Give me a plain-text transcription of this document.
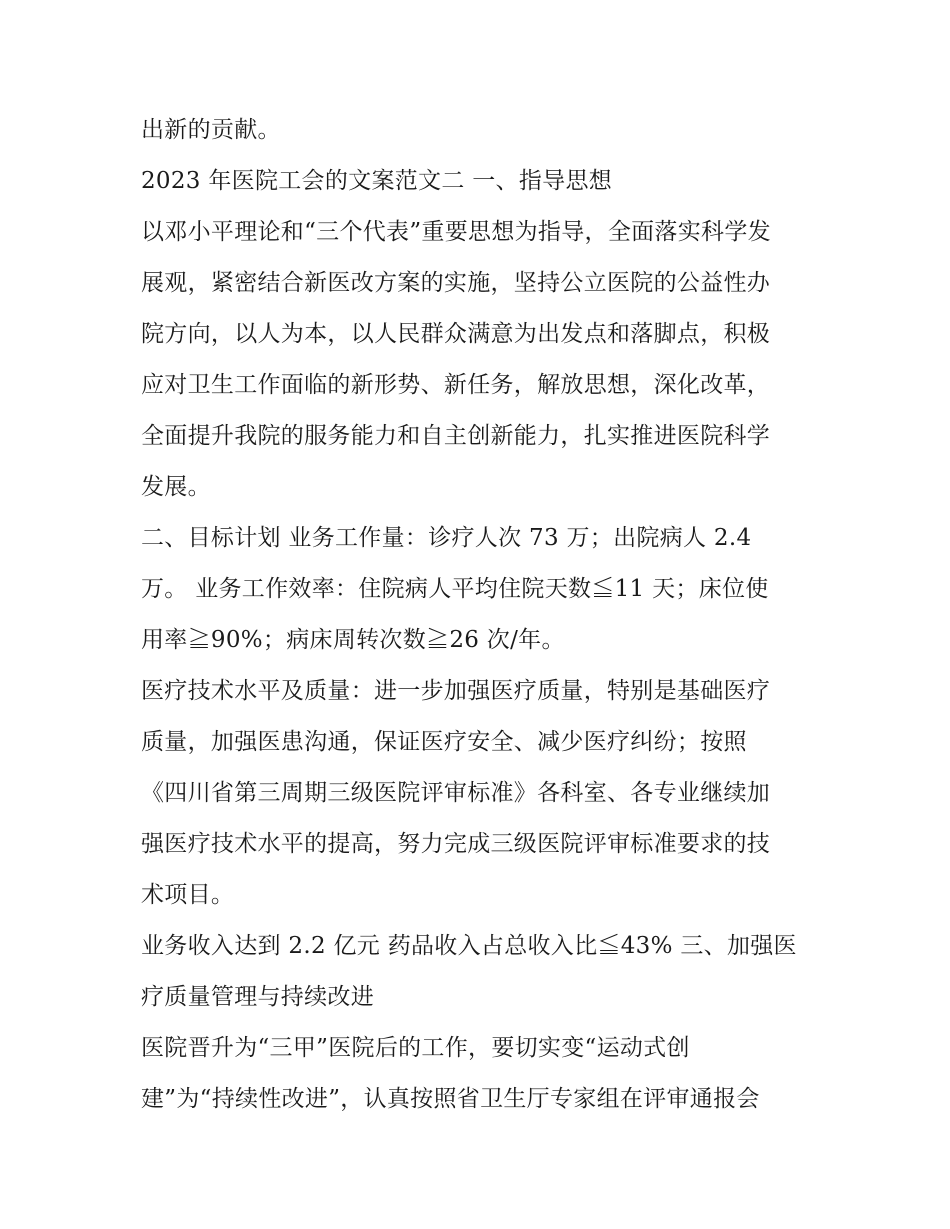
出新的贡献。
2023 年医院工会的文案范文二 一、指导思想
以邓小平理论和“三个代表”重要思想为指导，全面落实科学发
展观，紧密结合新医改方案的实施，坚持公立医院的公益性办
院方向，以人为本，以人民群众满意为出发点和落脚点，积极
应对卫生工作面临的新形势、新任务，解放思想，深化改革，
全面提升我院的服务能力和自主创新能力，扎实推进医院科学
发展。
二、目标计划 业务工作量：诊疗人次 73 万；出院病人 2.4
万。 业务工作效率：住院病人平均住院天数≦11 天；床位使
用率≧90%；病床周转次数≧26 次/年。
医疗技术水平及质量：进一步加强医疗质量，特别是基础医疗
质量，加强医患沟通，保证医疗安全、减少医疗纠纷；按照
《四川省第三周期三级医院评审标准》各科室、各专业继续加
强医疗技术水平的提高，努力完成三级医院评审标准要求的技
术项目。
业务收入达到 2.2 亿元 药品收入占总收入比≦43% 三、加强医
疗质量管理与持续改进
医院晋升为“三甲”医院后的工作，要切实变“运动式创
建”为“持续性改进”，认真按照省卫生厅专家组在评审通报会
